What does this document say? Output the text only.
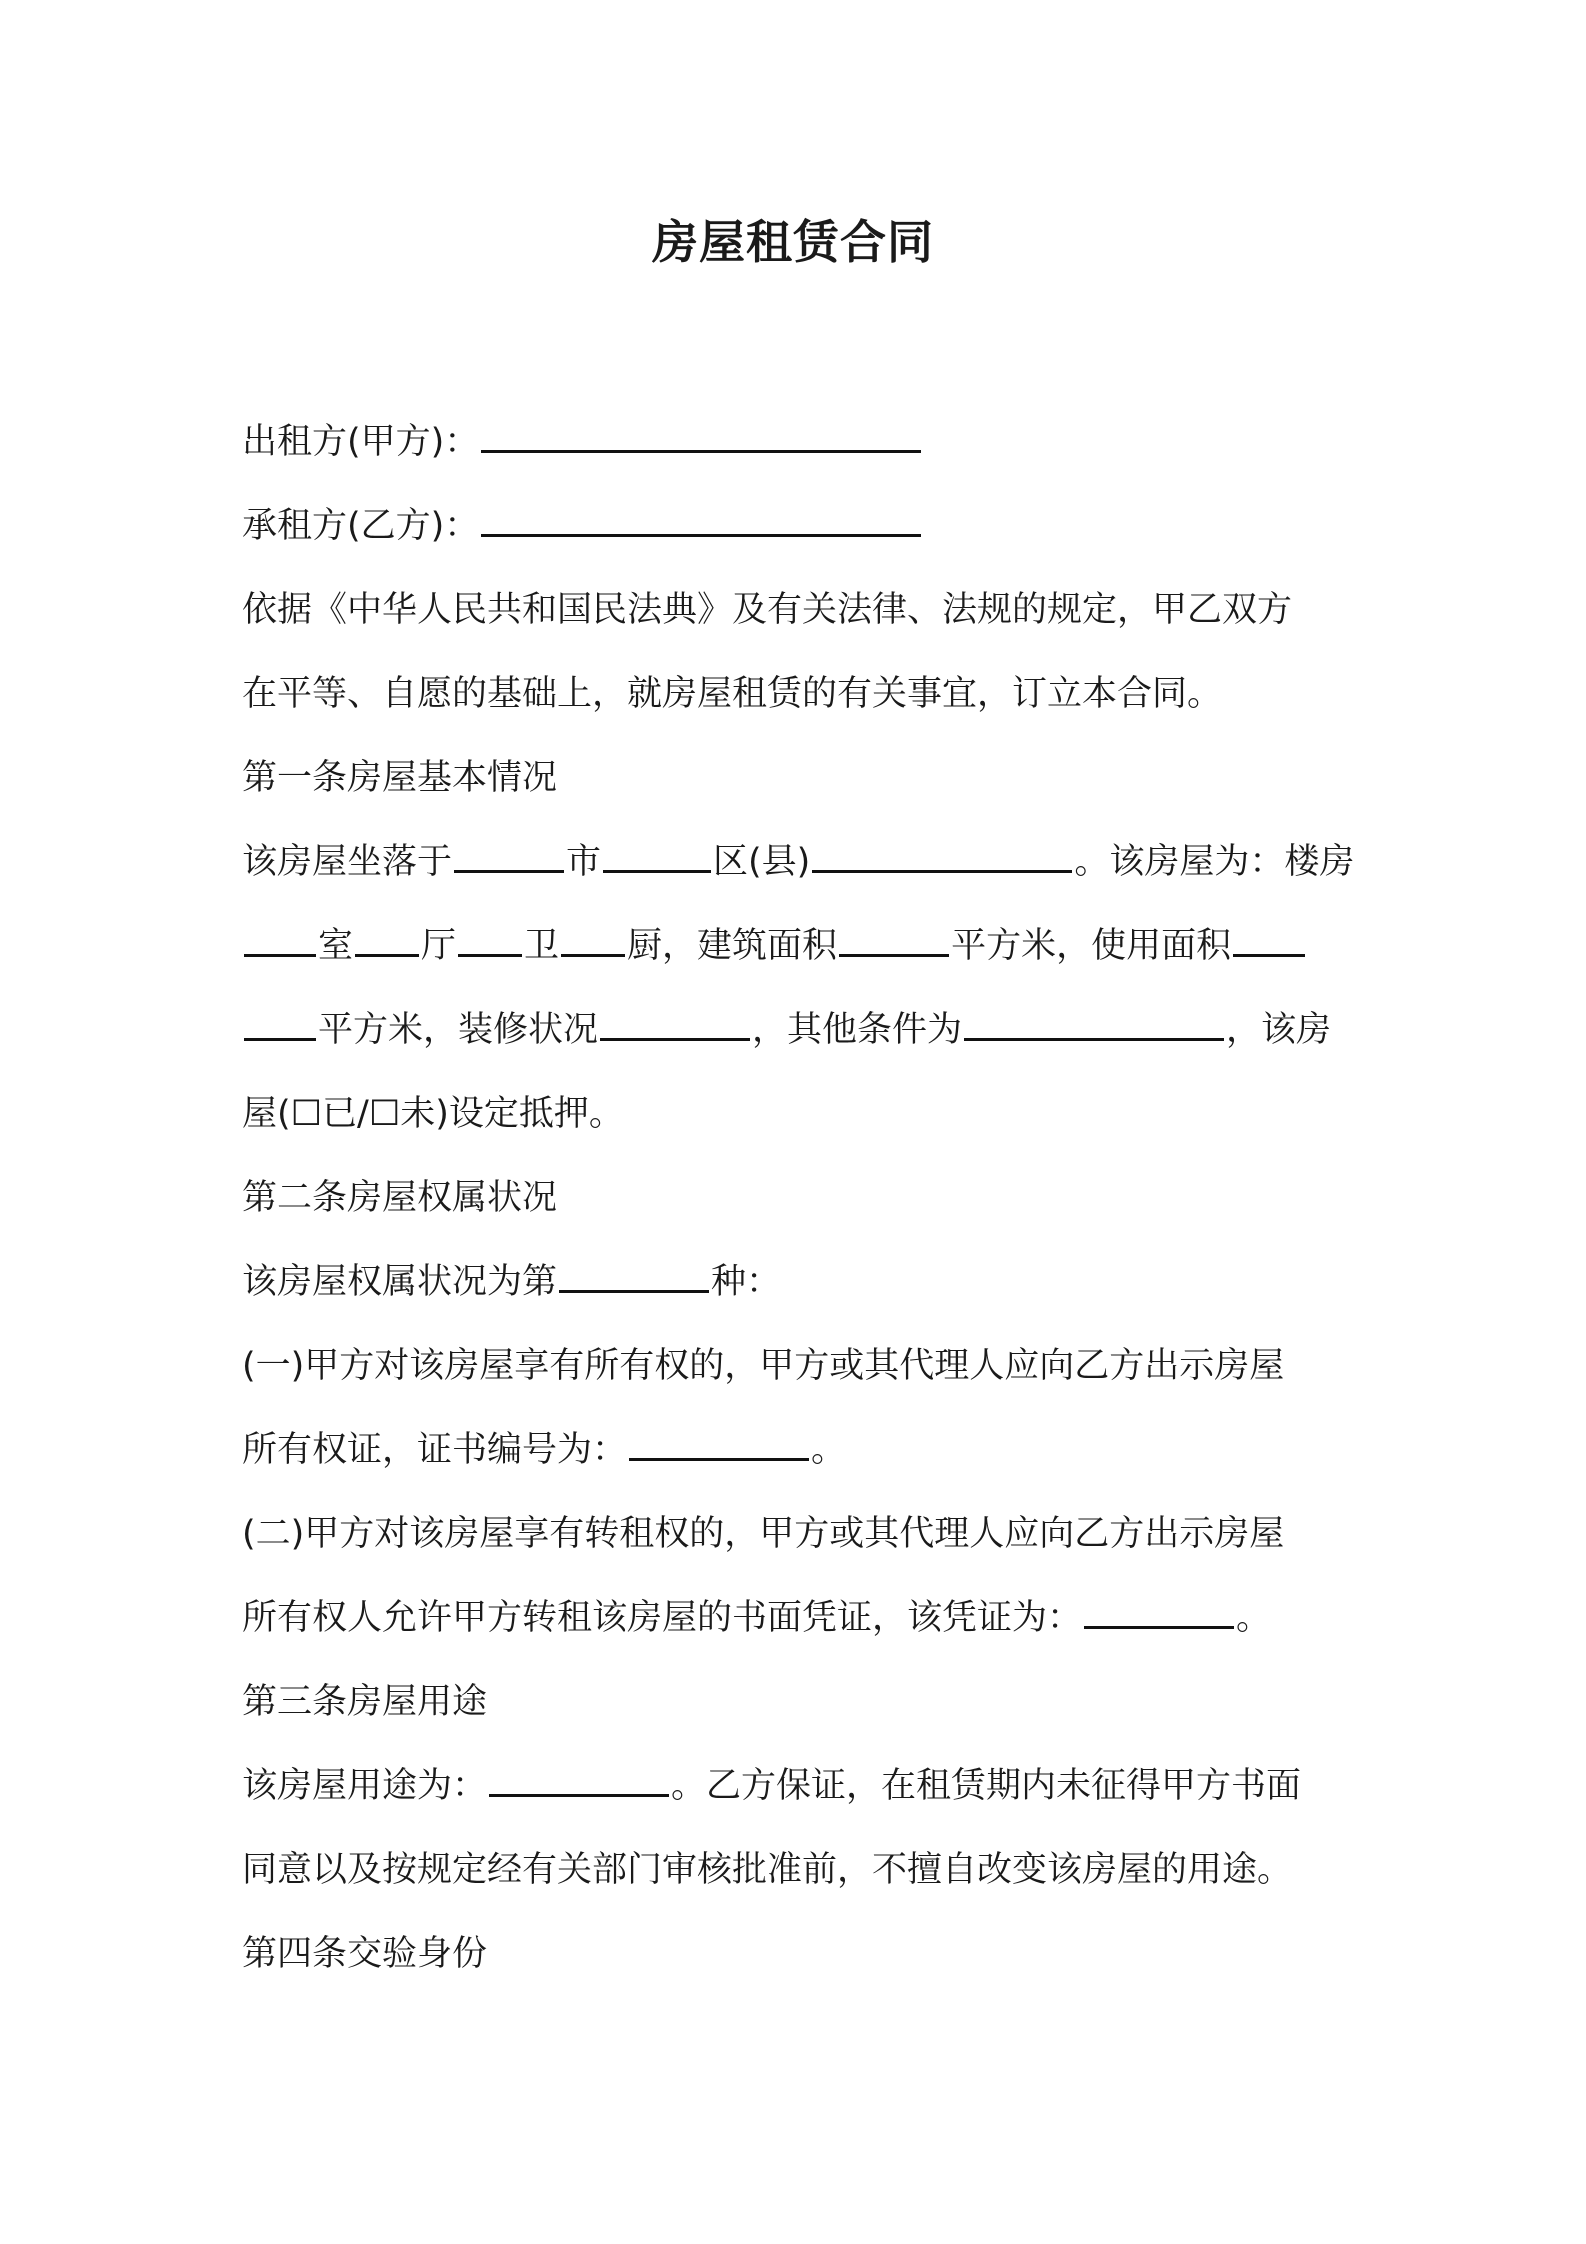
房屋租赁合同
出租方(甲方)：
承租方(乙方)：
依据《中华人民共和国民法典》及有关法律、法规的规定，甲乙双方
在平等、自愿的基础上，就房屋租赁的有关事宜，订立本合同。
第一条房屋基本情况
该房屋坐落于	市	区(县)	。该房屋为：楼房
室 厅 卫 厨，建筑面积	平方米，使用面积
平方米，装修状况	，其他条件为	，该房
屋(☐已/☐未)设定抵押。
第二条房屋权属状况
该房屋权属状况为第	种：
(一)甲方对该房屋享有所有权的，甲方或其代理人应向乙方出示房屋
所有权证，证书编号为：	。
(二)甲方对该房屋享有转租权的，甲方或其代理人应向乙方出示房屋
所有权人允许甲方转租该房屋的书面凭证，该凭证为：	。
第三条房屋用途
该房屋用途为：	。乙方保证，在租赁期内未征得甲方书面
同意以及按规定经有关部门审核批准前，不擅自改变该房屋的用途。
第四条交验身份
